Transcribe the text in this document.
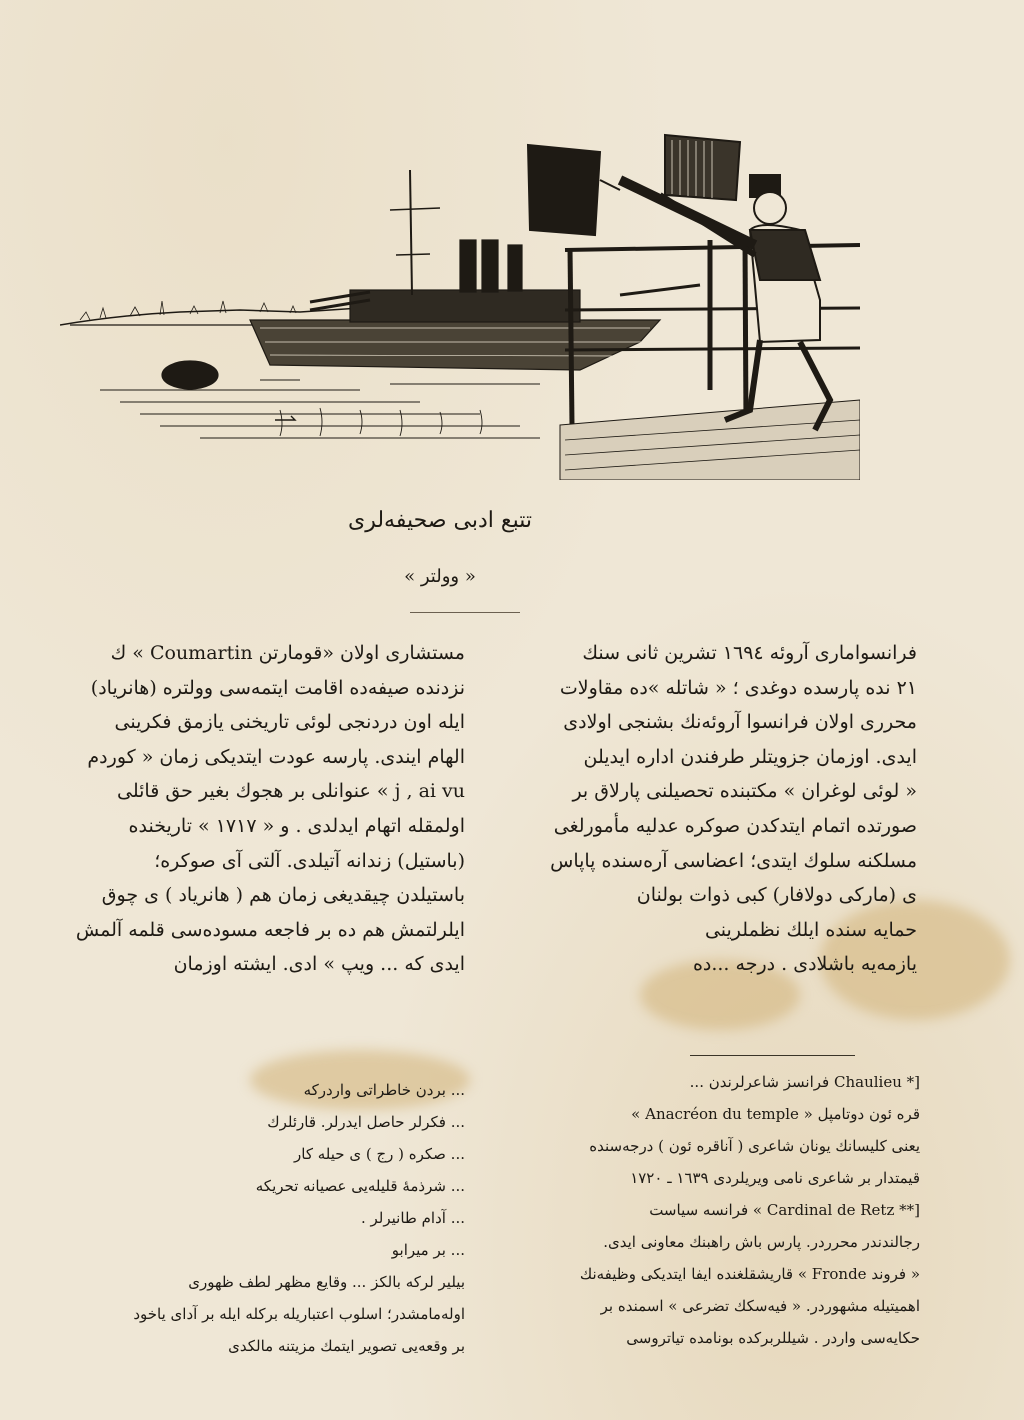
تتبع ادبی صحیفه‌لری
« وولتر »
فرانسوامارى آروئه ١٦٩٤ تشرين ثانى سنك
٢١ نده پارسده دوغدى ؛ « شاتله »ده مقاولات
محررى اولان فرانسوا آروئه‌نك بشنجى اولادى
ايدى. اوزمان جزويتلر طرفندن اداره ايديلن
« لوئى لوغران » مكتبنده تحصيلنى پارلاق بر
صورتده اتمام ايتدكدن صوكره عدليه مأمورلغى
مسلكنه سلوك ايتدى؛ اعضاسى آره‌سنده پاپاس
ى (ماركى دولافار) كبى ذوات بولنان
حمايه سنده ايلك نظملرينى
يازمه‌يه باشلادى . درجه ...ده
مستشارى اولان «قومارتن Coumartin » ك
نزدنده صيفه‌ده اقامت ايتمه‌سى وولتره (هانرياد)
ايله اون دردنجى لوئى تاريخنى يازمق فكرينى
الهام ايندى. پارسه عودت ايتديكى زمان « كوردم
j , ai vu » عنوانلى بر هجوك بغير حق قائلى
اولمقله اتهام ايدلدى . و « ١٧١٧ » تاريخنده
(باستيل) زندانه آتيلدى. آلتى آى صوكره؛
باستيلدن چيقديغى زمان هم ( هانرياد ) ى چوق
ايلرلتمش هم ده بر فاجعه مسوده‌سى قلمه آلمش
ايدى كه ... ويپ » ادى. ايشته اوزمان
... بردن خاطراتى واردركه
... فكرلر حاصل ايدرلر. قارئلرك
... صكره ( رج ) ى حيله كار
... شرذمهٔ قليله‌يى عصيانه تحريكه
... آدام طانيرلر .
... بر ميرابو
بيلير لركه بالكز ... وقايع مظهر لطف ظهورى
اوله‌مامشدر؛ اسلوب اعتباريله بركله ايله بر آداى ياخود
بر وقعه‌يى تصوير ايتمك مزيتنه مالكدى
[* Chaulieu فرانسز شاعرلرندن ...
قره ئون دوتامپل « Anacréon du temple »
يعنى كليسانك يونان شاعرى ( آناقره ئون ) درجه‌سنده
قيمتدار بر شاعرى نامى ويريلردى ١٦٣٩ ـ ١٧٢٠
[** Cardinal de Retz » فرانسه سياست
رجالندندر محرردر. پارس باش راهبنك معاونى ايدى.
« فروند Fronde » قاريشقلغنده ايفا ايتديكى وظيفه‌نك
اهميتيله مشهوردر. « فيه‌سكك تضرعى » اسمنده بر
حكايه‌سى واردر . شيللربركده بونامده تياتروسى
